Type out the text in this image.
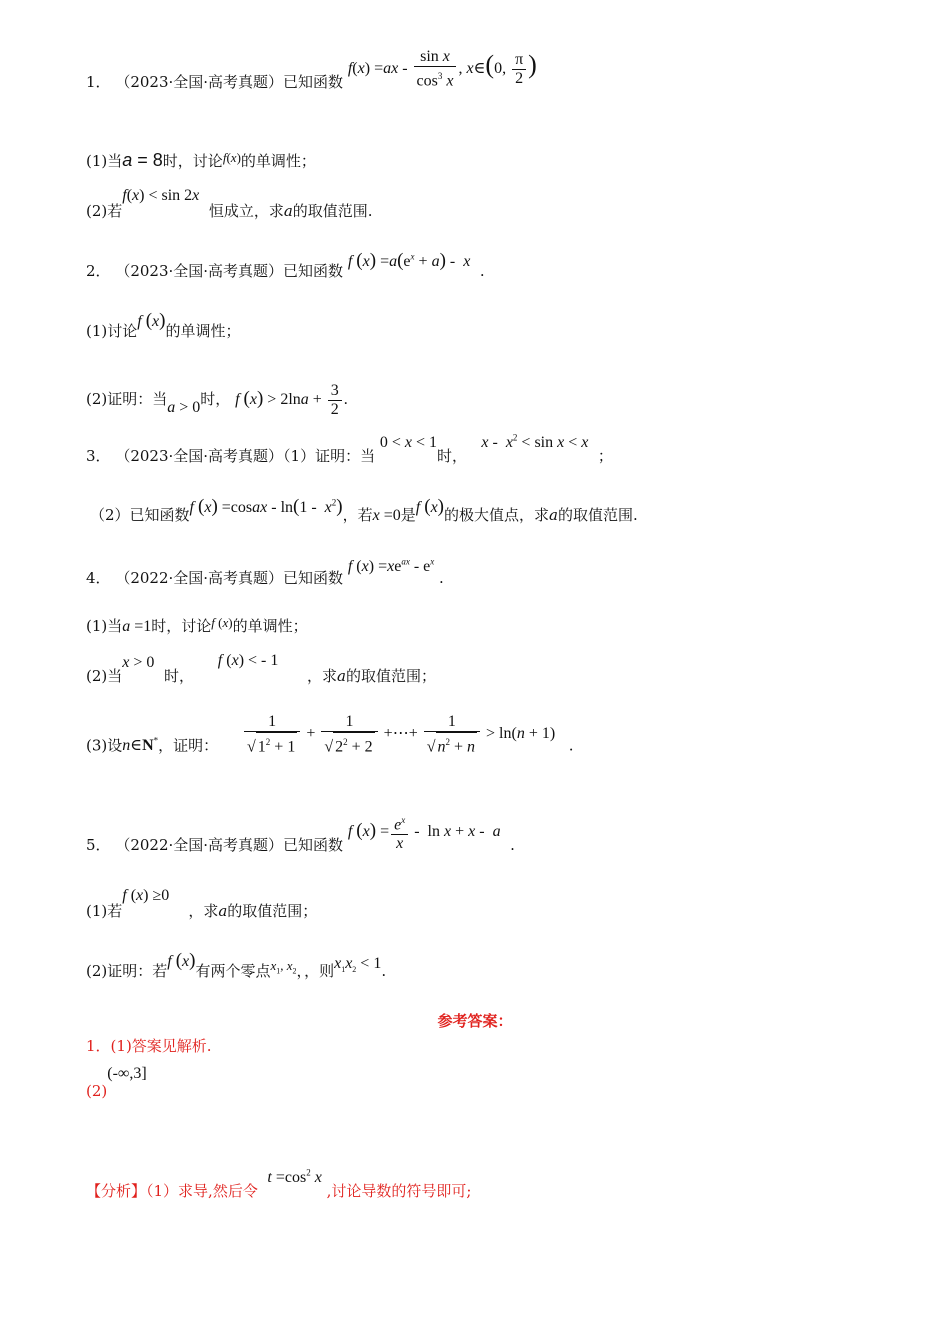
1． （2023·全国·高考真题）已知函数 $f(x) =ax - \frac{\text{sin x}}{\cos^3 x}$ , x∈(0, $\frac{\pi}{2}$ )
(1)当a = 8时，讨论f(x)的单调性；
(2)若f(x) < sin 2x  恒成立，求a的取值范围.
2． （2023·全国·高考真题）已知函数 f $(x) =a(e^x + a) - x$  .
(1)讨论f (x)的单调性；
(2)证明：当a > 0时， f $(x) > 2\ln a + \frac{3}{2}$ .
3． （2023·全国·高考真题）（1）证明：当 0 < x < 1时，   $x - x^2 < \sin x < x$  ；
（2）已知函数f (x) =cosax - $\ln(1 - x^2)$，若x =0是f (x)的极大值点，求a的取值范围.
4． （2022·全国·高考真题）已知函数 f $(x) =xe^{ax} - e^x$ .
(1)当a =1时，讨论f (x)的单调性；
(2)当x > 0  时，     f (x) < - 1      ，求a的取值范围；
(3)设n∈N*，证明： $\frac{1}{√ 1^2 + 1} + \frac{1}{√ 2^2 + 2}$ +⋯+ $\frac{1}{√ n^2 + n} > \ln(n + 1)$   .
5． （2022·全国·高考真题）已知函数 f $(x) = \frac{e^x}{x} - \ln x + x - a$  .
(1)若f (x) ≥0    ，求a的取值范围；
(2)证明：若f (x)有两个零点$x_1$, $x_2$，，则$x_1x_2 < 1$.
参考答案：
1．(1)答案见解析.
(2)(-∞,3]
【分析】（1）求导,然后令  $t =\cos^2$ x ,讨论导数的符号即可;
